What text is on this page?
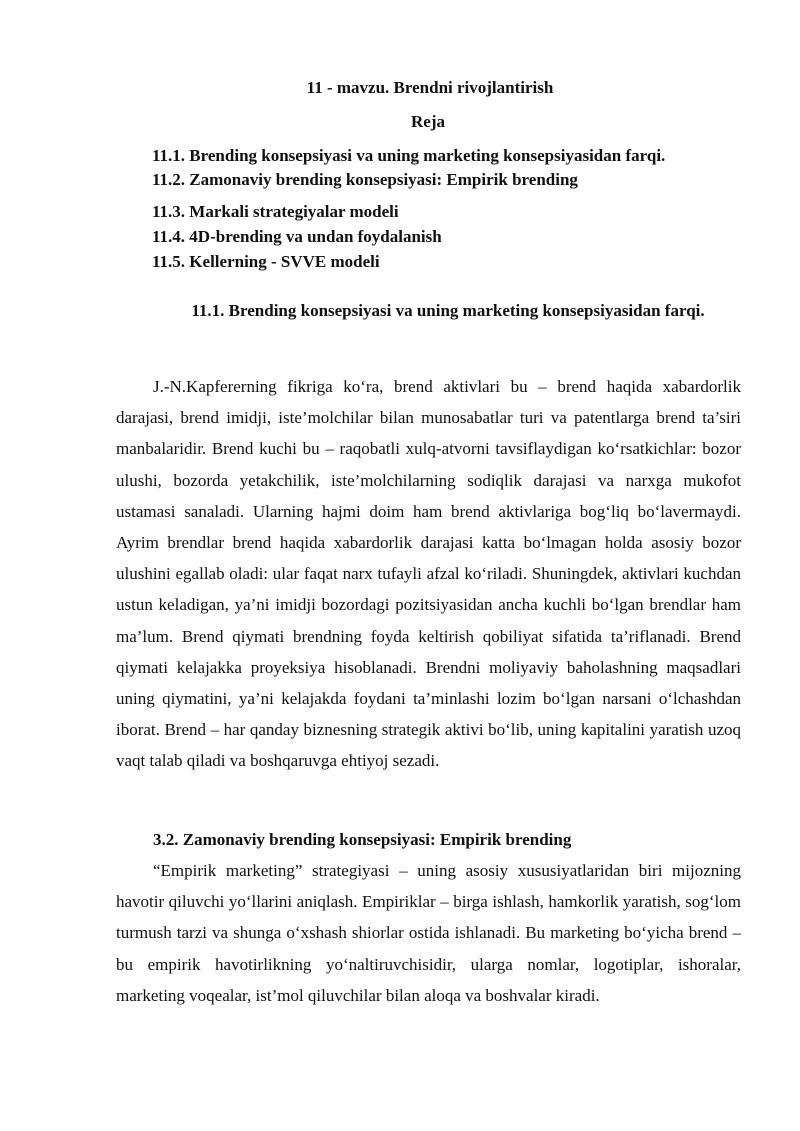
11 - mavzu. Brendni rivojlantirish
Reja
11.1. Brending konsepsiyasi va uning marketing konsepsiyasidan farqi.
11.2. Zamonaviy brending konsepsiyasi: Empirik brending
11.3. Markali strategiyalar modeli
11.4. 4D-brending va undan foydalanish
11.5. Kellerning - SVVE modeli
11.1. Brending konsepsiyasi va uning marketing konsepsiyasidan farqi.

J.-N.Kapfererning fikriga ko‘ra, brend aktivlari bu – brend haqida xabardorlik darajasi, brend imidji, iste’molchilar bilan munosabatlar turi va patentlarga brend ta’siri manbalaridir. Brend kuchi bu – raqobatli xulq-atvorni tavsiflaydigan ko‘rsatkichlar: bozor ulushi, bozorda yetakchilik, iste’molchilarning sodiqlik darajasi va narxga mukofot ustamasi sanaladi. Ularning hajmi doim ham brend aktivlariga bog‘liq bo‘lavermaydi. Ayrim brendlar brend haqida xabardorlik darajasi katta bo‘lmagan holda asosiy bozor ulushini egallab oladi: ular faqat narx tufayli afzal ko‘riladi. Shuningdek, aktivlari kuchdan ustun keladigan, ya’ni imidji bozordagi pozitsiyasidan ancha kuchli bo‘lgan brendlar ham ma’lum. Brend qiymati brendning foyda keltirish qobiliyat sifatida ta’riflanadi. Brend qiymati kelajakka proyeksiya hisoblanadi. Brendni moliyaviy baholashning maqsadlari uning qiymatini, ya’ni kelajakda foydani ta’minlashi lozim bo‘lgan narsani o‘lchashdan iborat. Brend – har qanday biznesning strategik aktivi bo‘lib, uning kapitalini yaratish uzoq vaqt talab qiladi va boshqaruvga ehtiyoj sezadi.

3.2. Zamonaviy brending konsepsiyasi: Empirik brending

“Empirik marketing” strategiyasi – uning asosiy xususiyatlaridan biri mijozning havotir qiluvchi yo‘llarini aniqlash. Empiriklar – birga ishlash, hamkorlik yaratish, sog‘lom turmush tarzi va shunga o‘xshash shiorlar ostida ishlanadi. Bu marketing bo‘yicha brend – bu empirik havotirlikning yo‘naltiruvchisidir, ularga nomlar, logotiplar, ishoralar, marketing voqealar, ist’mol qiluvchilar bilan aloqa va boshvalar kiradi.
